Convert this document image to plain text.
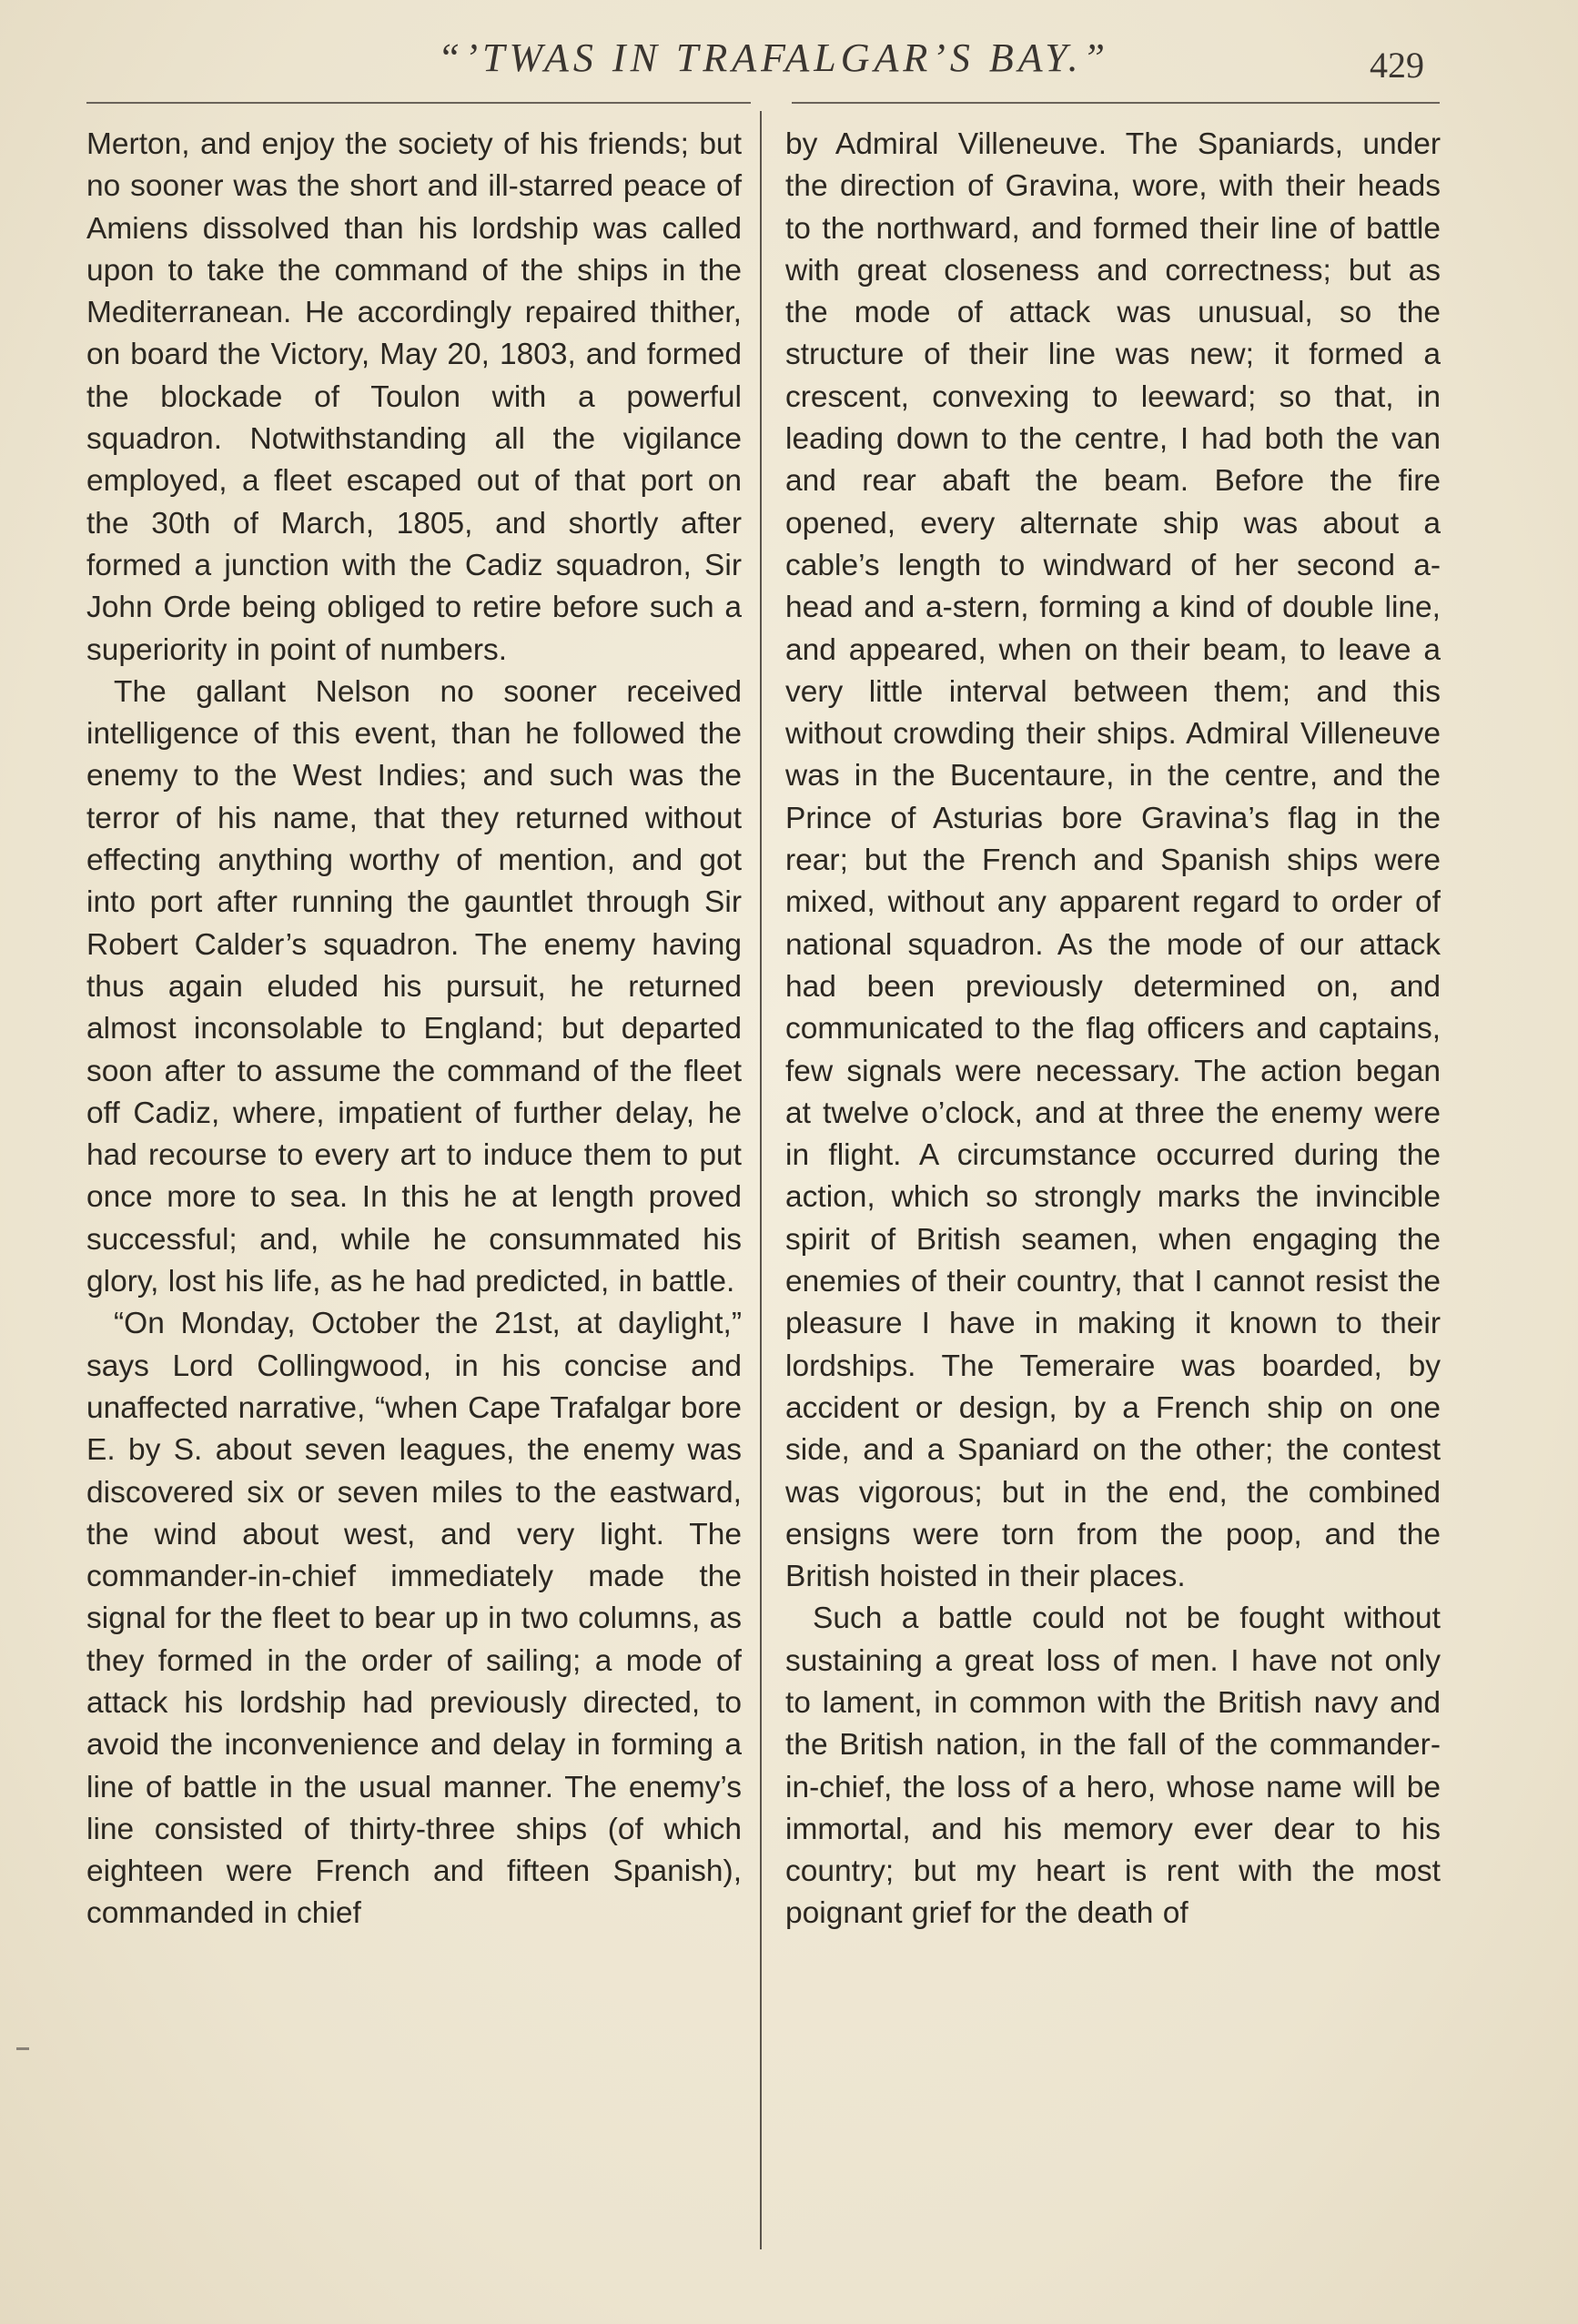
“’TWAS IN TRAFALGAR’S BAY.”	429

Merton, and enjoy the society of his friends; but no sooner was the short and ill-starred peace of Amiens dissolved than his lordship was called upon to take the command of the ships in the Mediterranean. He accordingly repaired thither, on board the Victory, May 20, 1803, and formed the blockade of Toulon with a powerful squadron. Notwithstanding all the vigilance employed, a fleet escaped out of that port on the 30th of March, 1805, and shortly after formed a junction with the Cadiz squadron, Sir John Orde being obliged to retire before such a superiority in point of numbers.

The gallant Nelson no sooner received intelligence of this event, than he followed the enemy to the West Indies; and such was the terror of his name, that they returned without effecting anything worthy of mention, and got into port after running the gauntlet through Sir Robert Calder’s squadron. The enemy having thus again eluded his pursuit, he returned almost inconsolable to England; but departed soon after to assume the command of the fleet off Cadiz, where, impatient of further delay, he had recourse to every art to induce them to put once more to sea. In this he at length proved successful; and, while he consummated his glory, lost his life, as he had predicted, in battle.

“On Monday, October the 21st, at daylight,” says Lord Collingwood, in his concise and unaffected narrative, “when Cape Trafalgar bore E. by S. about seven leagues, the enemy was discovered six or seven miles to the eastward, the wind about west, and very light. The commander-in-chief immediately made the signal for the fleet to bear up in two columns, as they formed in the order of sailing; a mode of attack his lordship had previously directed, to avoid the inconvenience and delay in forming a line of battle in the usual manner. The enemy’s line consisted of thirty-three ships (of which eighteen were French and fifteen Spanish), commanded in chief

by Admiral Villeneuve. The Spaniards, under the direction of Gravina, wore, with their heads to the northward, and formed their line of battle with great closeness and correctness; but as the mode of attack was unusual, so the structure of their line was new; it formed a crescent, convexing to leeward; so that, in leading down to the centre, I had both the van and rear abaft the beam. Before the fire opened, every alternate ship was about a cable’s length to windward of her second a-head and a-stern, forming a kind of double line, and appeared, when on their beam, to leave a very little interval between them; and this without crowding their ships. Admiral Villeneuve was in the Bucentaure, in the centre, and the Prince of Asturias bore Gravina’s flag in the rear; but the French and Spanish ships were mixed, without any apparent regard to order of national squadron. As the mode of our attack had been previously determined on, and communicated to the flag officers and captains, few signals were necessary. The action began at twelve o’clock, and at three the enemy were in flight. A circumstance occurred during the action, which so strongly marks the invincible spirit of British seamen, when engaging the enemies of their country, that I cannot resist the pleasure I have in making it known to their lordships. The Temeraire was boarded, by accident or design, by a French ship on one side, and a Spaniard on the other; the contest was vigorous; but in the end, the combined ensigns were torn from the poop, and the British hoisted in their places.

Such a battle could not be fought without sustaining a great loss of men. I have not only to lament, in common with the British navy and the British nation, in the fall of the commander-in-chief, the loss of a hero, whose name will be immortal, and his memory ever dear to his country; but my heart is rent with the most poignant grief for the death of
